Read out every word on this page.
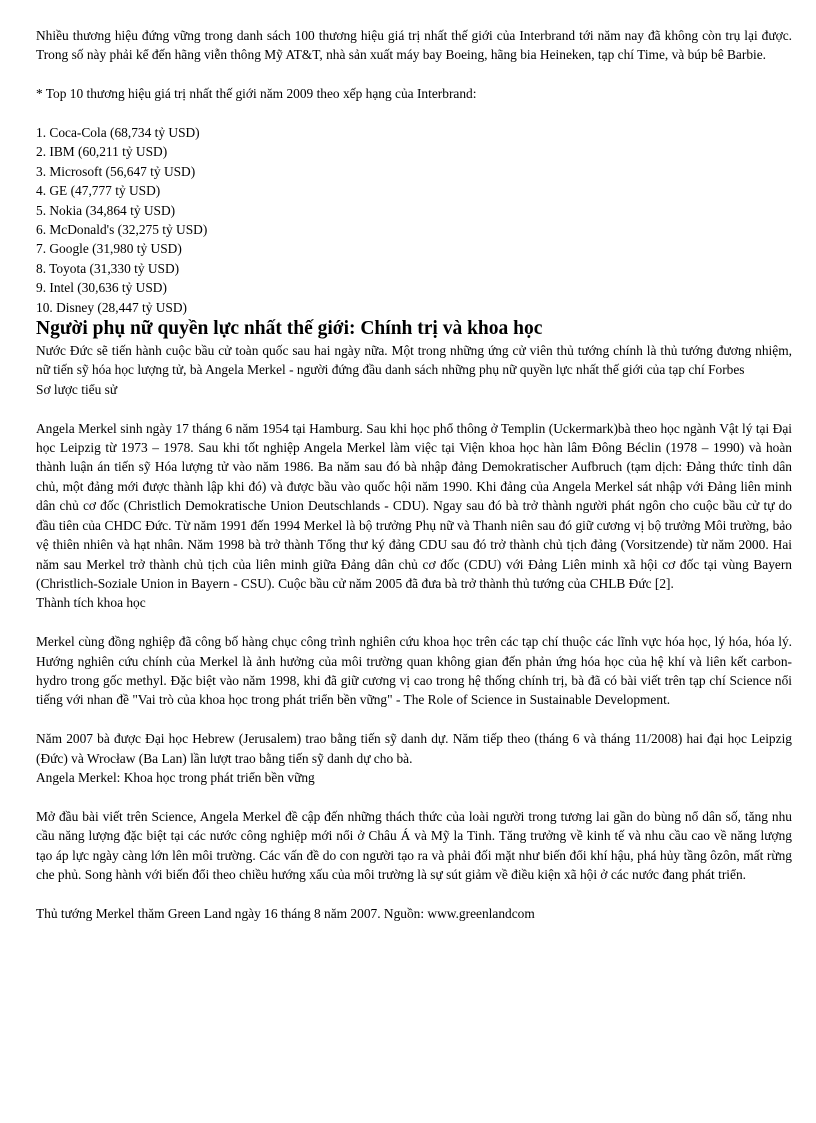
Nhiều thương hiệu đứng vững trong danh sách 100 thương hiệu giá trị nhất thế giới của Interbrand tới năm nay đã không còn trụ lại được. Trong số này phải kể đến hãng viễn thông Mỹ AT&T, nhà sản xuất máy bay Boeing, hãng bia Heineken, tạp chí Time, và búp bê Barbie.

* Top 10 thương hiệu giá trị nhất thế giới năm 2009 theo xếp hạng của Interbrand:

1. Coca-Cola (68,734 tỷ USD)
2. IBM (60,211 tỷ USD)
3. Microsoft (56,647 tỷ USD)
4. GE (47,777 tỷ USD)
5. Nokia (34,864 tỷ USD)
6. McDonald's (32,275 tỷ USD)
7. Google (31,980 tỷ USD)
8. Toyota (31,330 tỷ USD)
9. Intel (30,636 tỷ USD)
10. Disney (28,447 tỷ USD)
Người phụ nữ quyền lực nhất thế giới: Chính trị và khoa học

Nước Đức sẽ tiến hành cuộc bầu cử toàn quốc sau hai ngày nữa. Một trong những ứng cử viên thủ tướng chính là thủ tướng đương nhiệm, nữ tiến sỹ hóa học lượng tử, bà Angela Merkel - người đứng đầu danh sách những phụ nữ quyền lực nhất thế giới của tạp chí Forbes

Sơ lược tiểu sử

Angela Merkel sinh ngày 17 tháng 6 năm 1954 tại Hamburg. Sau khi học phổ thông ở Templin (Uckermark)bà theo học ngành Vật lý tại Đại học Leipzig từ 1973 – 1978. Sau khi tốt nghiệp Angela Merkel làm việc tại Viện khoa học hàn lâm Đông Béclin (1978 – 1990) và hoàn thành luận án tiến sỹ Hóa lượng tử vào năm 1986. Ba năm sau đó bà nhập đảng Demokratischer Aufbruch (tạm dịch: Đảng thức tỉnh dân chủ, một đảng mới được thành lập khi đó) và được bầu vào quốc hội năm 1990. Khi đảng của Angela Merkel sát nhập với Đảng liên minh dân chủ cơ đốc (Christlich Demokratische Union Deutschlands - CDU). Ngay sau đó bà trở thành người phát ngôn cho cuộc bầu cử tự do đầu tiên của CHDC Đức. Từ năm 1991 đến 1994 Merkel là bộ trưởng Phụ nữ và Thanh niên sau đó giữ cương vị bộ trưởng Môi trường, bảo vệ thiên nhiên và hạt nhân. Năm 1998 bà trở thành Tổng thư ký đảng CDU sau đó trở thành chủ tịch đảng (Vorsitzende) từ năm 2000. Hai năm sau Merkel trở thành chủ tịch của liên minh giữa Đảng dân chủ cơ đốc (CDU) với Đảng Liên minh xã hội cơ đốc tại vùng Bayern (Christlich-Soziale Union in Bayern - CSU). Cuộc bầu cử năm 2005 đã đưa bà trở thành thủ tướng của CHLB Đức [2].

Thành tích khoa học

Merkel cùng đồng nghiệp đã công bố hàng chục công trình nghiên cứu khoa học trên các tạp chí thuộc các lĩnh vực hóa học, lý hóa, hóa lý. Hướng nghiên cứu chính của Merkel là ảnh hưởng của môi trường quan không gian đến phản ứng hóa học của hệ khí và liên kết carbon-hydro trong gốc methyl. Đặc biệt vào năm 1998, khi đã giữ cương vị cao trong hệ thống chính trị, bà đã có bài viết trên tạp chí Science nổi tiếng với nhan đề "Vai trò của khoa học trong phát triển bền vững" - The Role of Science in Sustainable Development.

Năm 2007 bà được Đại học Hebrew (Jerusalem) trao bằng tiến sỹ danh dự. Năm tiếp theo (tháng 6 và tháng 11/2008) hai đại học Leipzig (Đức) và Wrocław (Ba Lan) lần lượt trao bằng tiến sỹ danh dự cho bà.

Angela Merkel: Khoa học trong phát triển bền vững

Mở đầu bài viết trên Science, Angela Merkel đề cập đến những thách thức của loài người trong tương lai gần do bùng nổ dân số, tăng nhu cầu năng lượng đặc biệt tại các nước công nghiệp mới nổi ở Châu Á và Mỹ la Tinh. Tăng trưởng về kinh tế và nhu cầu cao về năng lượng tạo áp lực ngày càng lớn lên môi trường. Các vấn đề do con người tạo ra và phải đối mặt như biến đổi khí hậu, phá hủy tầng ôzôn, mất rừng che phủ. Song hành với biến đổi theo chiều hướng xấu của môi trường là sự sút giảm về điều kiện xã hội ở các nước đang phát triển.

Thủ tướng Merkel thăm Green Land ngày 16 tháng 8 năm 2007. Nguồn: www.greenlandcom
